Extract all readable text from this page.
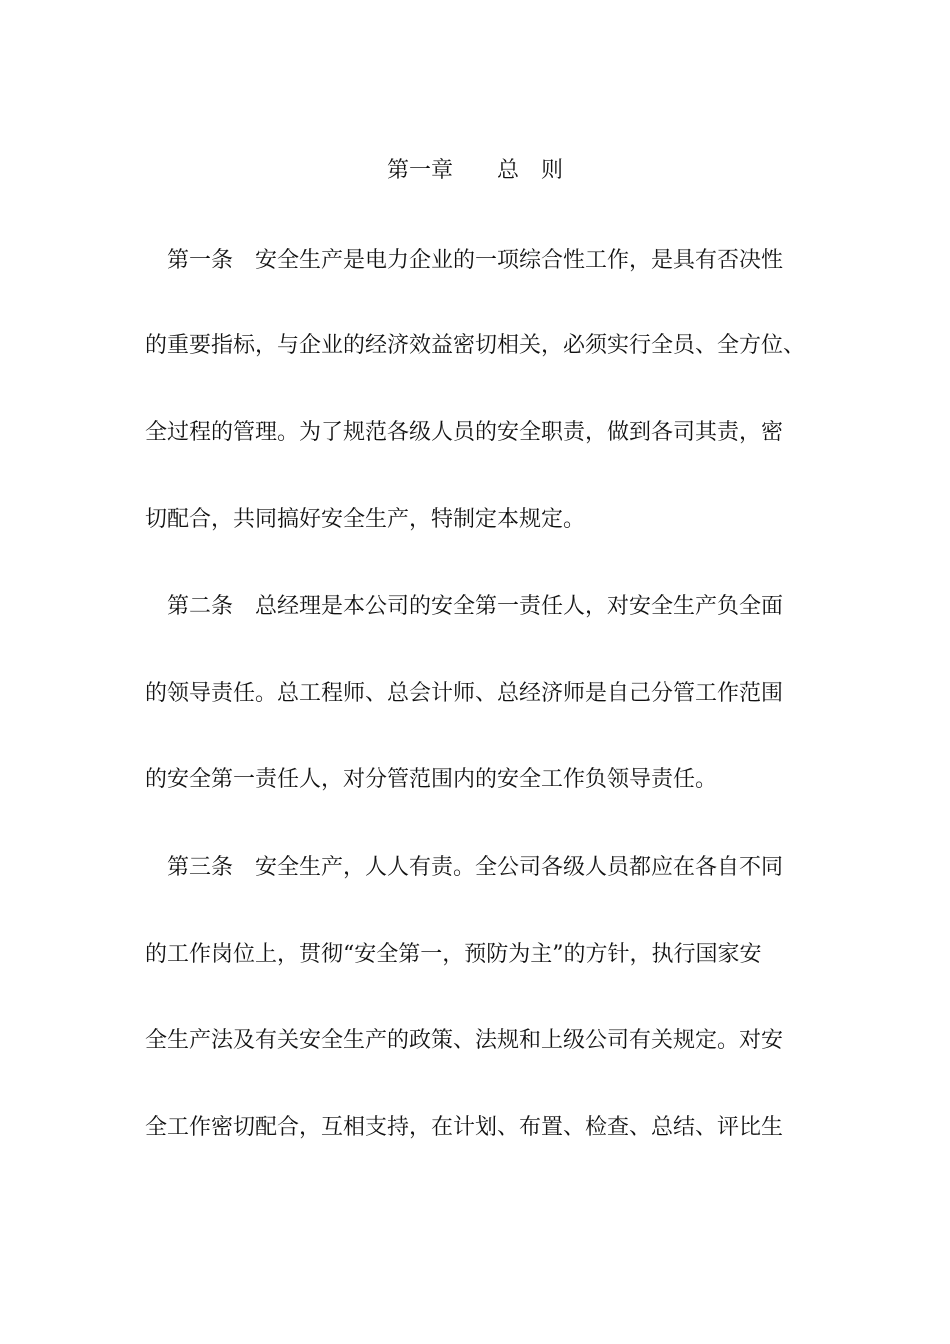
第一章　　总　则
第一条　安全生产是电力企业的一项综合性工作，是具有否决性
的重要指标，与企业的经济效益密切相关，必须实行全员、全方位、
全过程的管理。为了规范各级人员的安全职责，做到各司其责，密
切配合，共同搞好安全生产，特制定本规定。
第二条　总经理是本公司的安全第一责任人，对安全生产负全面
的领导责任。总工程师、总会计师、总经济师是自己分管工作范围
的安全第一责任人，对分管范围内的安全工作负领导责任。
第三条　安全生产，人人有责。全公司各级人员都应在各自不同
的工作岗位上，贯彻“安全第一，预防为主”的方针，执行国家安
全生产法及有关安全生产的政策、法规和上级公司有关规定。对安
全工作密切配合，互相支持，在计划、布置、检查、总结、评比生
